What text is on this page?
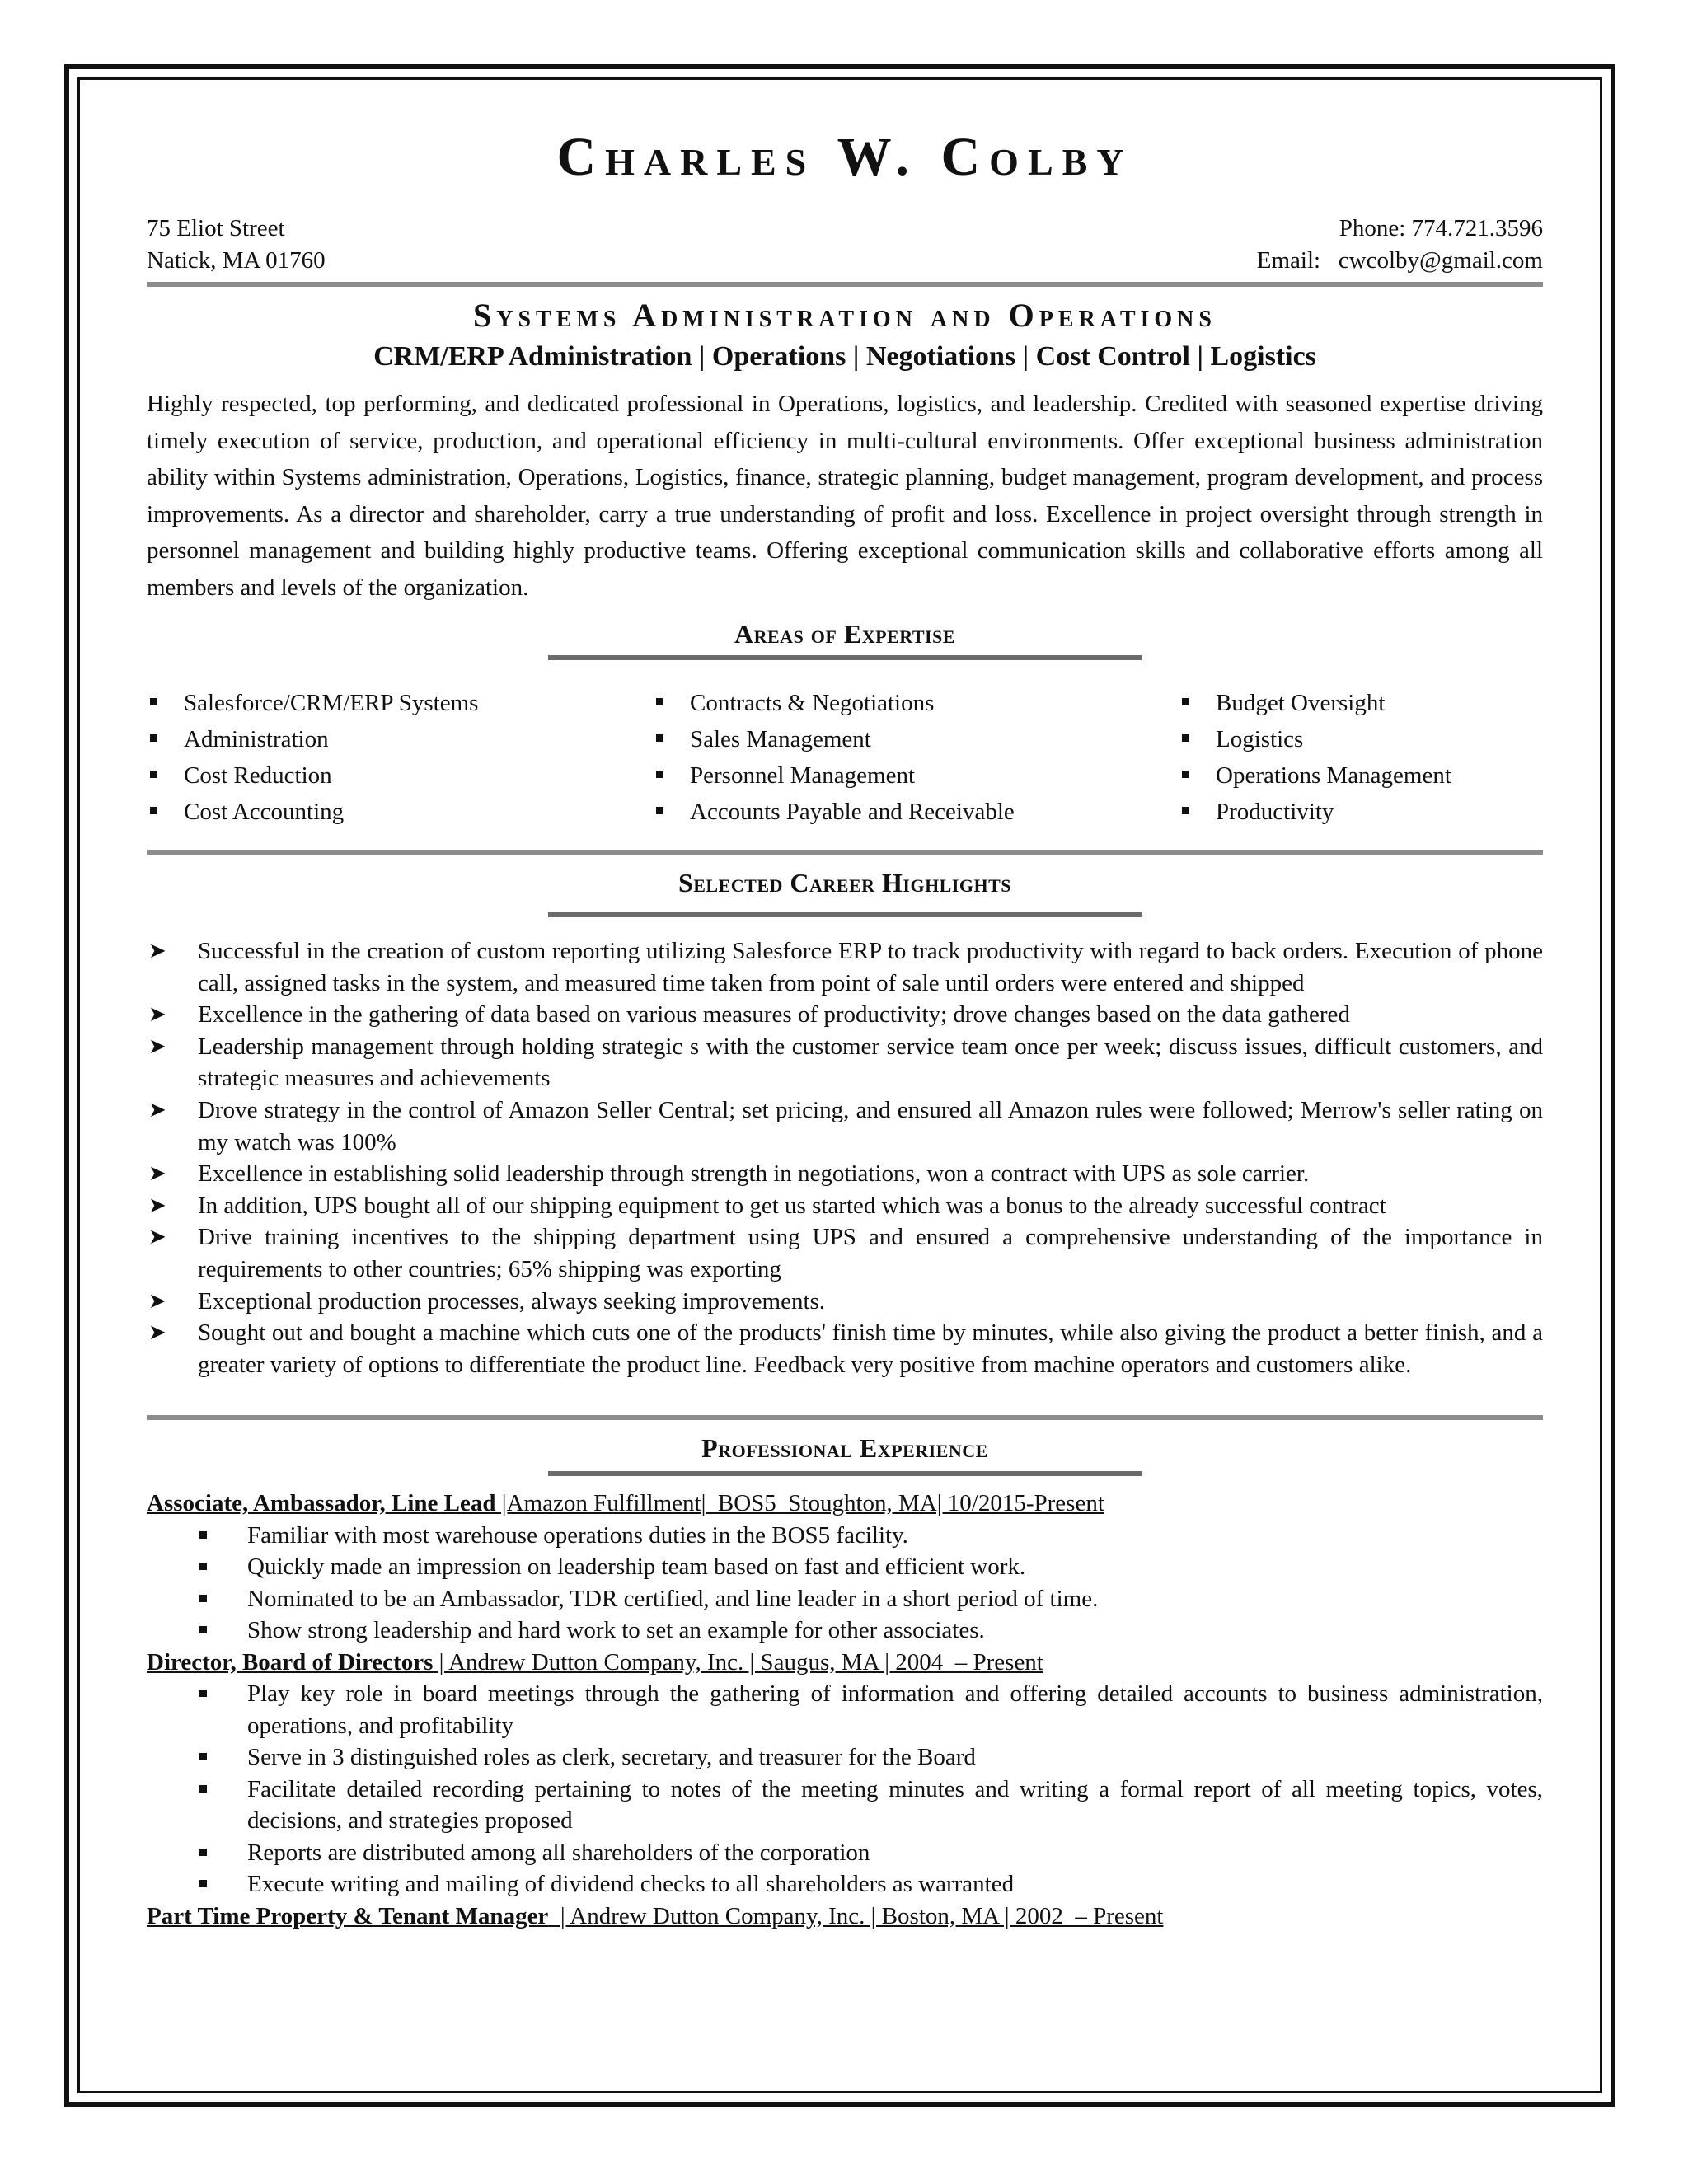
Charles W. Colby
75 Eliot Street
Natick, MA 01760
Phone: 774.721.3596
Email:   cwcolby@gmail.com
Systems Administration and Operations
CRM/ERP Administration | Operations | Negotiations | Cost Control | Logistics

Highly respected, top performing, and dedicated professional in Operations, logistics, and leadership. Credited with seasoned expertise driving timely execution of service, production, and operational efficiency in multi-cultural environments. Offer exceptional business administration ability within Systems administration, Operations, Logistics, finance, strategic planning, budget management, program development, and process improvements. As a director and shareholder, carry a true understanding of profit and loss. Excellence in project oversight through strength in personnel management and building highly productive teams. Offering exceptional communication skills and collaborative efforts among all members and levels of the organization.

Areas of Expertise
Salesforce/CRM/ERP Systems
Administration
Cost Reduction
Cost Accounting
Contracts & Negotiations
Sales Management
Personnel Management
Accounts Payable and Receivable
Budget Oversight
Logistics
Operations Management
Productivity
Selected Career Highlights
➤ Successful in the creation of custom reporting utilizing Salesforce ERP to track productivity with regard to back orders. Execution of phone call, assigned tasks in the system, and measured time taken from point of sale until orders were entered and shipped
➤ Excellence in the gathering of data based on various measures of productivity; drove changes based on the data gathered
➤ Leadership management through holding strategic s with the customer service team once per week; discuss issues, difficult customers, and strategic measures and achievements
➤ Drove strategy in the control of Amazon Seller Central; set pricing, and ensured all Amazon rules were followed; Merrow's seller rating on my watch was 100%
➤ Excellence in establishing solid leadership through strength in negotiations, won a contract with UPS as sole carrier.
➤ In addition, UPS bought all of our shipping equipment to get us started which was a bonus to the already successful contract
➤ Drive training incentives to the shipping department using UPS and ensured a comprehensive understanding of the importance in requirements to other countries; 65% shipping was exporting
➤ Exceptional production processes, always seeking improvements.
➤ Sought out and bought a machine which cuts one of the products' finish time by minutes, while also giving the product a better finish, and a greater variety of options to differentiate the product line. Feedback very positive from machine operators and customers alike.
Professional Experience
Associate, Ambassador, Line Lead |Amazon Fulfillment|  BOS5  Stoughton, MA| 10/2015-Present
Familiar with most warehouse operations duties in the BOS5 facility.
Quickly made an impression on leadership team based on fast and efficient work.
Nominated to be an Ambassador, TDR certified, and line leader in a short period of time.
Show strong leadership and hard work to set an example for other associates.
Director, Board of Directors | Andrew Dutton Company, Inc. | Saugus, MA | 2004  – Present
Play key role in board meetings through the gathering of information and offering detailed accounts to business administration, operations, and profitability
Serve in 3 distinguished roles as clerk, secretary, and treasurer for the Board
Facilitate detailed recording pertaining to notes of the meeting minutes and writing a formal report of all meeting topics, votes, decisions, and strategies proposed
Reports are distributed among all shareholders of the corporation
Execute writing and mailing of dividend checks to all shareholders as warranted
Part Time Property & Tenant Manager  | Andrew Dutton Company, Inc. | Boston, MA | 2002  – Present
